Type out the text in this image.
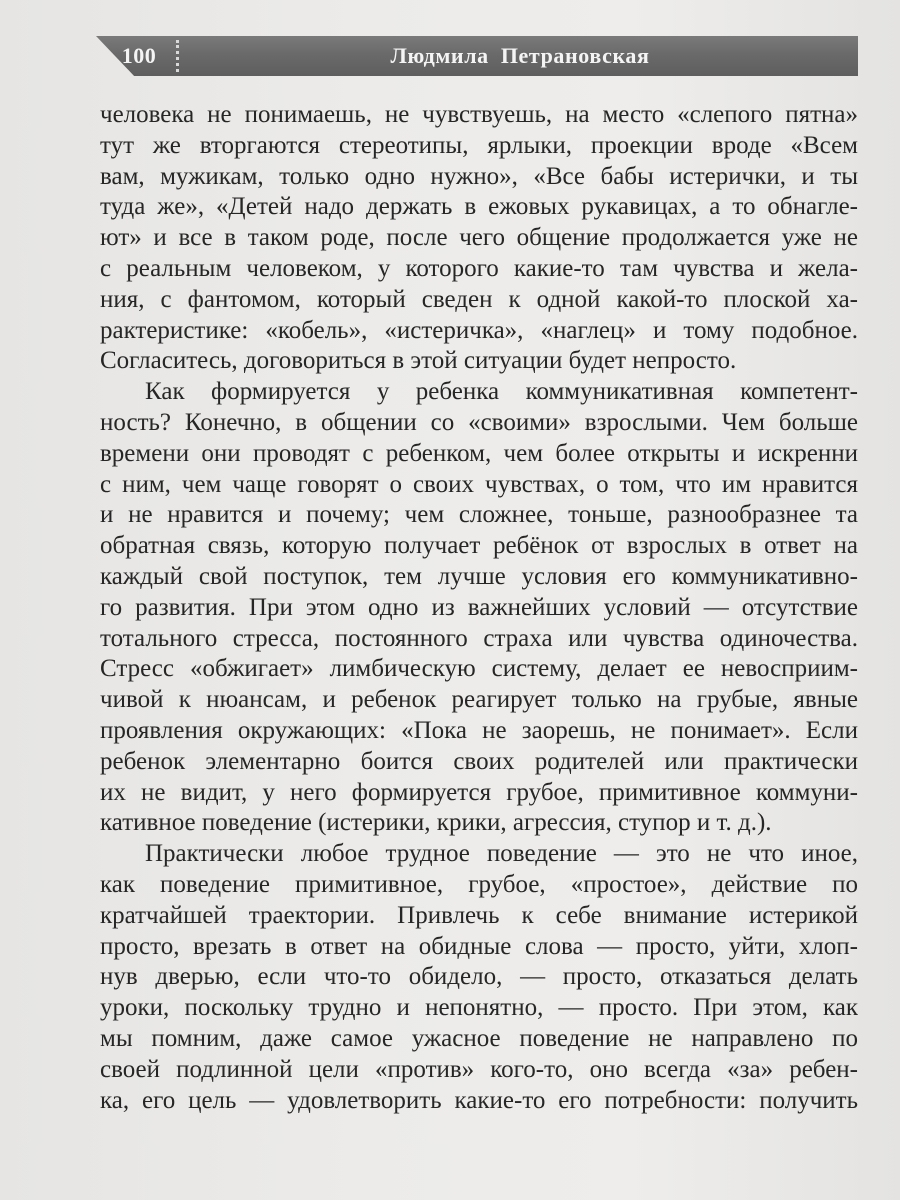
100	Людмила Петрановская
человека не понимаешь, не чувствуешь, на место «слепого пятна»
тут же вторгаются стереотипы, ярлыки, проекции вроде «Всем
вам, мужикам, только одно нужно», «Все бабы истерички, и ты
туда же», «Детей надо держать в ежовых рукавицах, а то обнагле-
ют» и все в таком роде, после чего общение продолжается уже не
с реальным человеком, у которого какие-то там чувства и жела-
ния, с фантомом, который сведен к одной какой-то плоской ха-
рактеристике: «кобель», «истеричка», «наглец» и тому подобное.
Согласитесь, договориться в этой ситуации будет непросто.
Как формируется у ребенка коммуникативная компетент-
ность? Конечно, в общении со «своими» взрослыми. Чем больше
времени они проводят с ребенком, чем более открыты и искренни
с ним, чем чаще говорят о своих чувствах, о том, что им нравится
и не нравится и почему; чем сложнее, тоньше, разнообразнее та
обратная связь, которую получает ребёнок от взрослых в ответ на
каждый свой поступок, тем лучше условия его коммуникативно-
го развития. При этом одно из важнейших условий — отсутствие
тотального стресса, постоянного страха или чувства одиночества.
Стресс «обжигает» лимбическую систему, делает ее невосприим-
чивой к нюансам, и ребенок реагирует только на грубые, явные
проявления окружающих: «Пока не заорешь, не понимает». Если
ребенок элементарно боится своих родителей или практически
их не видит, у него формируется грубое, примитивное коммуни-
кативное поведение (истерики, крики, агрессия, ступор и т. д.).
Практически любое трудное поведение — это не что иное,
как поведение примитивное, грубое, «простое», действие по
кратчайшей траектории. Привлечь к себе внимание истерикой
просто, врезать в ответ на обидные слова — просто, уйти, хлоп-
нув дверью, если что-то обидело, — просто, отказаться делать
уроки, поскольку трудно и непонятно, — просто. При этом, как
мы помним, даже самое ужасное поведение не направлено по
своей подлинной цели «против» кого-то, оно всегда «за» ребен-
ка, его цель — удовлетворить какие-то его потребности: получить
